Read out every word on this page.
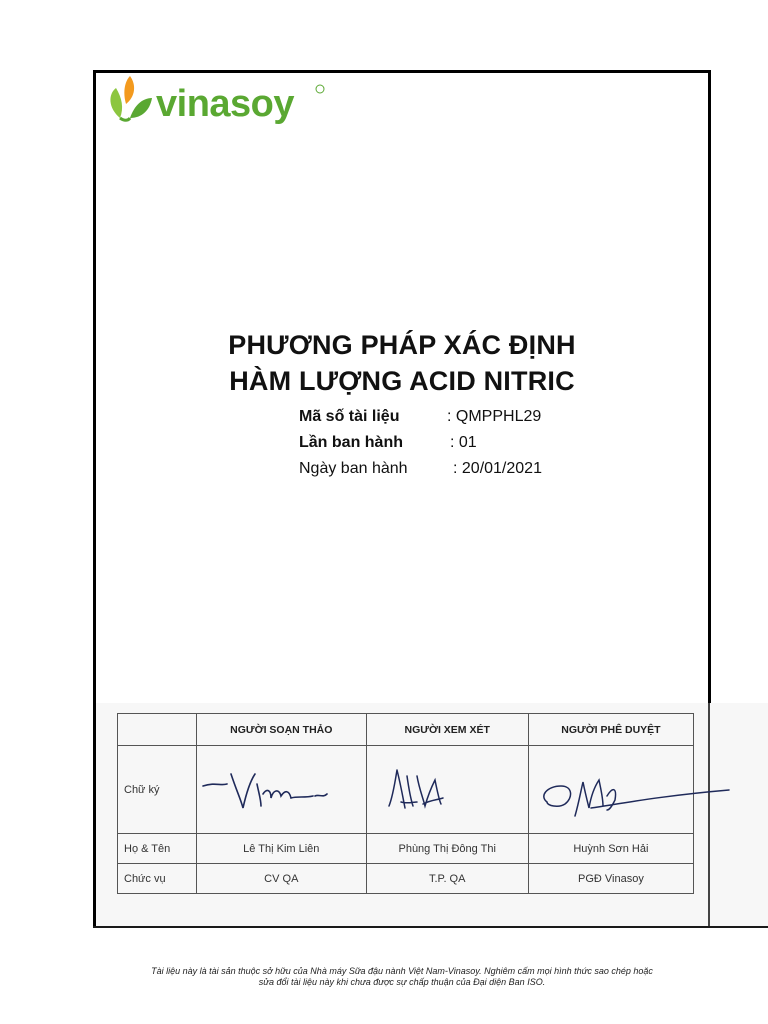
vinasoy
PHƯƠNG PHÁP XÁC ĐỊNH
HÀM LƯỢNG ACID NITRIC
Mã số tài liệu	: QMPPHL29
Lần ban hành	: 01
Ngày ban hành	: 20/01/2021
	NGƯỜI SOẠN THẢO	NGƯỜI XEM XÉT	NGƯỜI PHÊ DUYỆT
Chữ ký	

Họ & Tên	Lê Thị Kim Liên	Phùng Thị Đông Thi	Huỳnh Sơn Hải
Chức vụ	CV QA	T.P. QA	PGĐ Vinasoy
Tài liệu này là tài sản thuộc sở hữu của Nhà máy Sữa đậu nành Việt Nam-Vinasoy. Nghiêm cấm mọi hình thức sao chép hoặc
sửa đổi tài liệu này khi chưa được sự chấp thuận của Đại diện Ban ISO.
